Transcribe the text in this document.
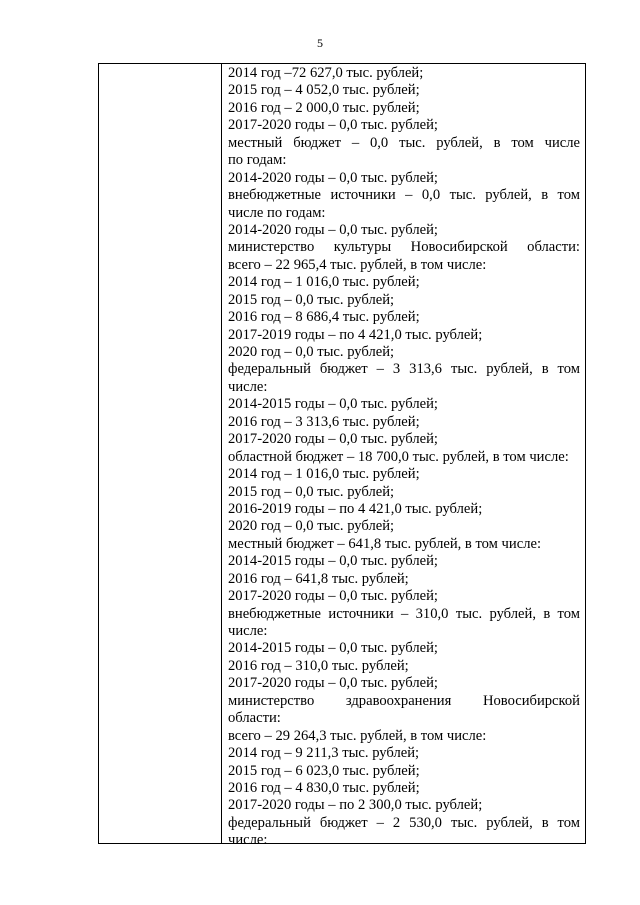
5
2014 год –72 627,0 тыс. рублей;
2015 год – 4 052,0 тыс. рублей;
2016 год – 2 000,0 тыс. рублей;
2017-2020 годы – 0,0 тыс. рублей;
местный бюджет – 0,0 тыс. рублей, в том числе
по годам:
2014-2020 годы – 0,0 тыс. рублей;
внебюджетные источники – 0,0 тыс. рублей, в том
числе по годам:
2014-2020 годы – 0,0 тыс. рублей;
министерство культуры Новосибирской области:
всего – 22 965,4 тыс. рублей, в том числе:
2014 год – 1 016,0 тыс. рублей;
2015 год – 0,0 тыс. рублей;
2016 год – 8 686,4 тыс. рублей;
2017-2019 годы – по 4 421,0 тыс. рублей;
2020 год – 0,0 тыс. рублей;
федеральный бюджет – 3 313,6 тыс. рублей, в том
числе:
2014-2015 годы – 0,0 тыс. рублей;
2016 год – 3 313,6 тыс. рублей;
2017-2020 годы – 0,0 тыс. рублей;
областной бюджет – 18 700,0 тыс. рублей, в том числе:
2014 год – 1 016,0 тыс. рублей;
2015 год – 0,0 тыс. рублей;
2016-2019 годы – по 4 421,0 тыс. рублей;
2020 год – 0,0 тыс. рублей;
местный бюджет – 641,8 тыс. рублей, в том числе:
2014-2015 годы – 0,0 тыс. рублей;
2016 год – 641,8 тыс. рублей;
2017-2020 годы – 0,0 тыс. рублей;
внебюджетные источники – 310,0 тыс. рублей, в том
числе:
2014-2015 годы – 0,0 тыс. рублей;
2016 год – 310,0 тыс. рублей;
2017-2020 годы – 0,0 тыс. рублей;
министерство здравоохранения Новосибирской
области:
всего – 29 264,3 тыс. рублей, в том числе:
2014 год – 9 211,3 тыс. рублей;
2015 год – 6 023,0 тыс. рублей;
2016 год – 4 830,0 тыс. рублей;
2017-2020 годы – по 2 300,0 тыс. рублей;
федеральный бюджет – 2 530,0 тыс. рублей, в том
числе:
